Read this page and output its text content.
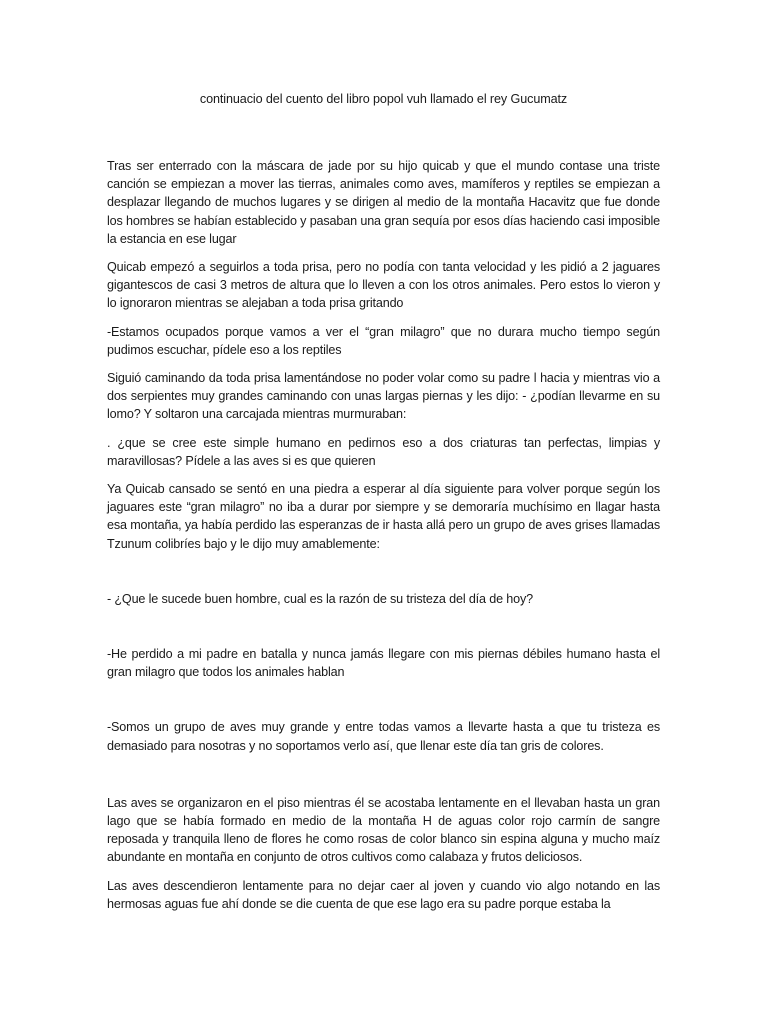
continuacio del cuento del libro popol vuh llamado el rey Gucumatz

Tras ser enterrado con la máscara de jade por su hijo quicab y que el mundo contase una triste canción se empiezan a mover las tierras, animales como aves, mamíferos y reptiles se empiezan a desplazar llegando de muchos lugares y se dirigen al medio de la montaña Hacavitz que fue donde los hombres se habían establecido y pasaban una gran sequía por esos días haciendo casi imposible la estancia en ese lugar

Quicab empezó a seguirlos a toda prisa, pero no podía con tanta velocidad y les pidió a 2 jaguares gigantescos de casi 3 metros de altura que lo lleven a con los otros animales. Pero estos lo vieron y lo ignoraron mientras se alejaban a toda prisa gritando

-Estamos ocupados porque vamos a ver el “gran milagro” que no durara mucho tiempo según pudimos escuchar, pídele eso a los reptiles

Siguió caminando da toda prisa lamentándose no poder volar como su padre l hacia y mientras vio a dos serpientes muy grandes caminando con unas largas piernas y les dijo: - ¿podían llevarme en su lomo? Y soltaron una carcajada mientras murmuraban:

. ¿que se cree este simple humano en pedirnos eso a dos criaturas tan perfectas, limpias y maravillosas? Pídele a las aves si es que quieren

Ya Quicab cansado se sentó en una piedra a esperar al día siguiente para volver porque según los jaguares este “gran milagro” no iba a durar por siempre y se demoraría muchísimo en llagar hasta esa montaña, ya había perdido las esperanzas de ir hasta allá pero un grupo de aves grises llamadas Tzunum colibríes bajo y le dijo muy amablemente:

- ¿Que le sucede buen hombre, cual es la razón de su tristeza del día de hoy?

-He perdido a mi padre en batalla y nunca jamás llegare con mis piernas débiles humano hasta el gran milagro que todos los animales hablan

-Somos un grupo de aves muy grande y entre todas vamos a llevarte hasta a que tu tristeza es demasiado para nosotras y no soportamos verlo así, que llenar este día tan gris de colores.

Las aves se organizaron en el piso mientras él se acostaba lentamente en el llevaban hasta un gran lago que se había formado en medio de la montaña H de aguas color rojo carmín de sangre reposada y tranquila lleno de flores he como rosas de color blanco sin espina alguna y mucho maíz abundante en montaña en conjunto de otros cultivos como calabaza y frutos deliciosos.

Las aves descendieron lentamente para no dejar caer al joven y cuando vio algo notando en las hermosas aguas fue ahí donde se die cuenta de que ese lago era su padre porque estaba la
